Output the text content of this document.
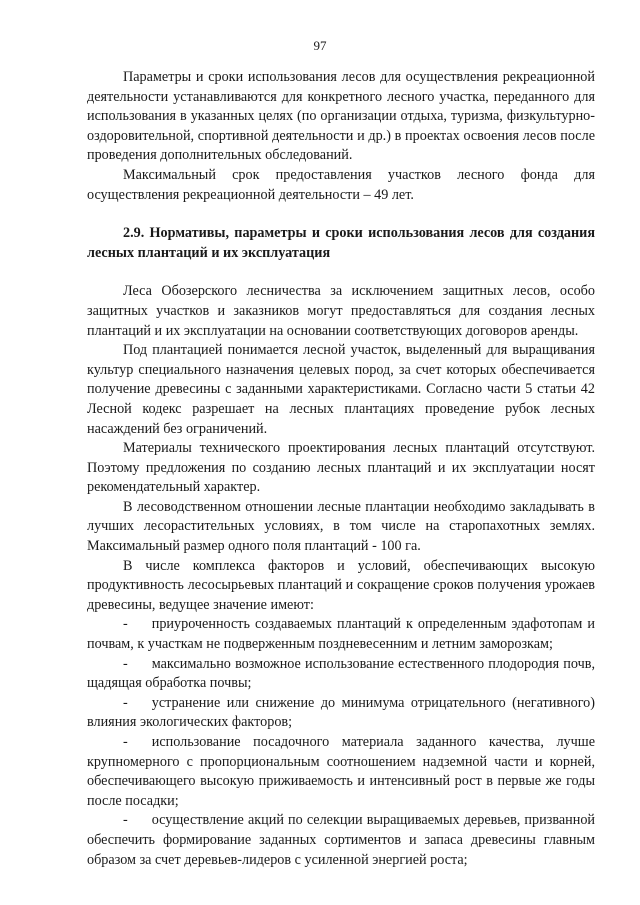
97

Параметры и сроки использования лесов для осуществления рекреационной деятельности устанавливаются для конкретного лесного участка, переданного для использования в указанных целях (по организации отдыха, туризма, физкультурно-оздоровительной, спортивной деятельности и др.) в проектах освоения лесов после проведения дополнительных обследований.

Максимальный срок предоставления участков лесного фонда для осуществления рекреационной деятельности – 49 лет.

2.9. Нормативы, параметры и сроки использования лесов для создания лесных плантаций и их эксплуатация

Леса Обозерского лесничества за исключением защитных лесов, особо защитных участков и заказников могут предоставляться для создания лесных плантаций и их эксплуатации на основании соответствующих договоров аренды.

Под плантацией понимается лесной участок, выделенный для выращивания культур специального назначения целевых пород, за счет которых обеспечивается получение древесины с заданными характеристиками. Согласно части 5 статьи 42 Лесной кодекс разрешает на лесных плантациях проведение рубок лесных насаждений без ограничений.

Материалы технического проектирования лесных плантаций отсутствуют. Поэтому предложения по созданию лесных плантаций и их эксплуатации носят рекомендательный характер.

В лесоводственном отношении лесные плантации необходимо закладывать в лучших лесорастительных условиях, в том числе на старопахотных землях. Максимальный размер одного поля плантаций - 100 га.

В числе комплекса факторов и условий, обеспечивающих высокую продуктивность лесосырьевых плантаций и сокращение сроков получения урожаев древесины, ведущее значение имеют:

- приуроченность создаваемых плантаций к определенным эдафотопам и почвам, к участкам не подверженным поздневесенним и летним заморозкам;

- максимально возможное использование естественного плодородия почв, щадящая обработка почвы;

- устранение или снижение до минимума отрицательного (негативного) влияния экологических факторов;

- использование посадочного материала заданного качества, лучше крупномерного с пропорциональным соотношением надземной части и корней, обеспечивающего высокую приживаемость и интенсивный рост в первые же годы после посадки;

- осуществление акций по селекции выращиваемых деревьев, призванной обеспечить формирование заданных сортиментов и запаса древесины главным образом за счет деревьев-лидеров с усиленной энергией роста;
